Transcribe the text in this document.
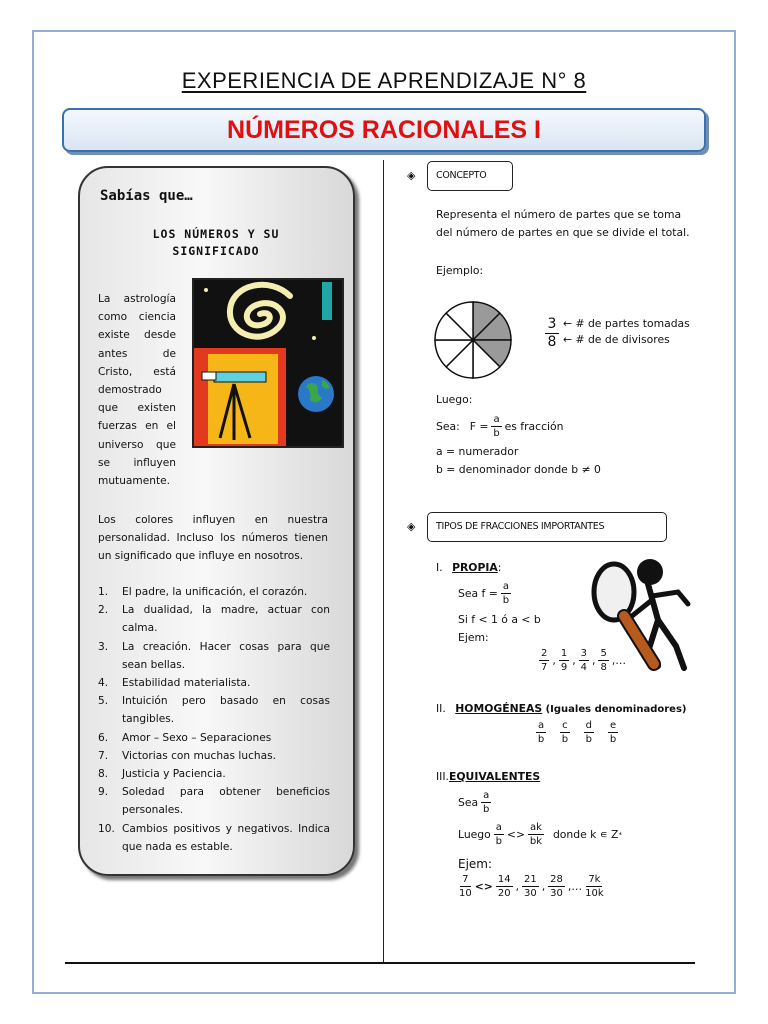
EXPERIENCIA DE APRENDIZAJE N° 8
NÚMEROS RACIONALES I
Sabías que…
LOS NÚMEROS Y SU
SIGNIFICADO
La astrología como ciencia existe desde antes de Cristo, está demostrado que existen fuerzas en el universo que se influyen mutuamente.
Los colores influyen en nuestra personalidad. Incluso los números tienen un significado que influye en nosotros.
1.	El padre, la unificación, el corazón.
2.	La dualidad, la madre, actuar con calma.
3.	La creación. Hacer cosas para que sean bellas.
4.	Estabilidad materialista.
5.	Intuición pero basado en cosas tangibles.
6.	Amor – Sexo – Separaciones
7.	Victorias con muchas luchas.
8.	Justicia y Paciencia.
9.	Soledad para obtener beneficios personales.
10. Cambios positivos y negativos. Indica que nada es estable.
◈	CONCEPTO
Representa el número de partes que se toma
del número de partes en que se divide el total.
Ejemplo:
$\frac{3}{8}$ ← # de partes tomadas
← # de de divisores
Luego:
Sea: $F = \frac{a}{b}$ es fracción
a = numerador
b = denominador donde b ≠ 0
◈	TIPOS DE FRACCIONES IMPORTANTES
I. PROPIA:
Sea $f = \frac{a}{b}$
Si f < 1 ó a < b
Ejem:
$\frac{2}{7}$ , $\frac{1}{9}$ , $\frac{3}{4}$ , $\frac{5}{8}$ ,…
II. HOMOGÉNEAS (Iguales denominadores)
$\frac{a}{b} \frac{c}{b} \frac{d}{b} \frac{e}{b}$
III.EQUIVALENTES
Sea $\frac{a}{b}$
Luego $\frac{a}{b} <> \frac{ak}{bk}$ donde k ∊ Z *
Ejem:
$\frac{7}{10} <> \frac{14}{20}$ , $\frac{21}{30}$ , $\frac{28}{30}$ ,… $\frac{7k}{10k}$
